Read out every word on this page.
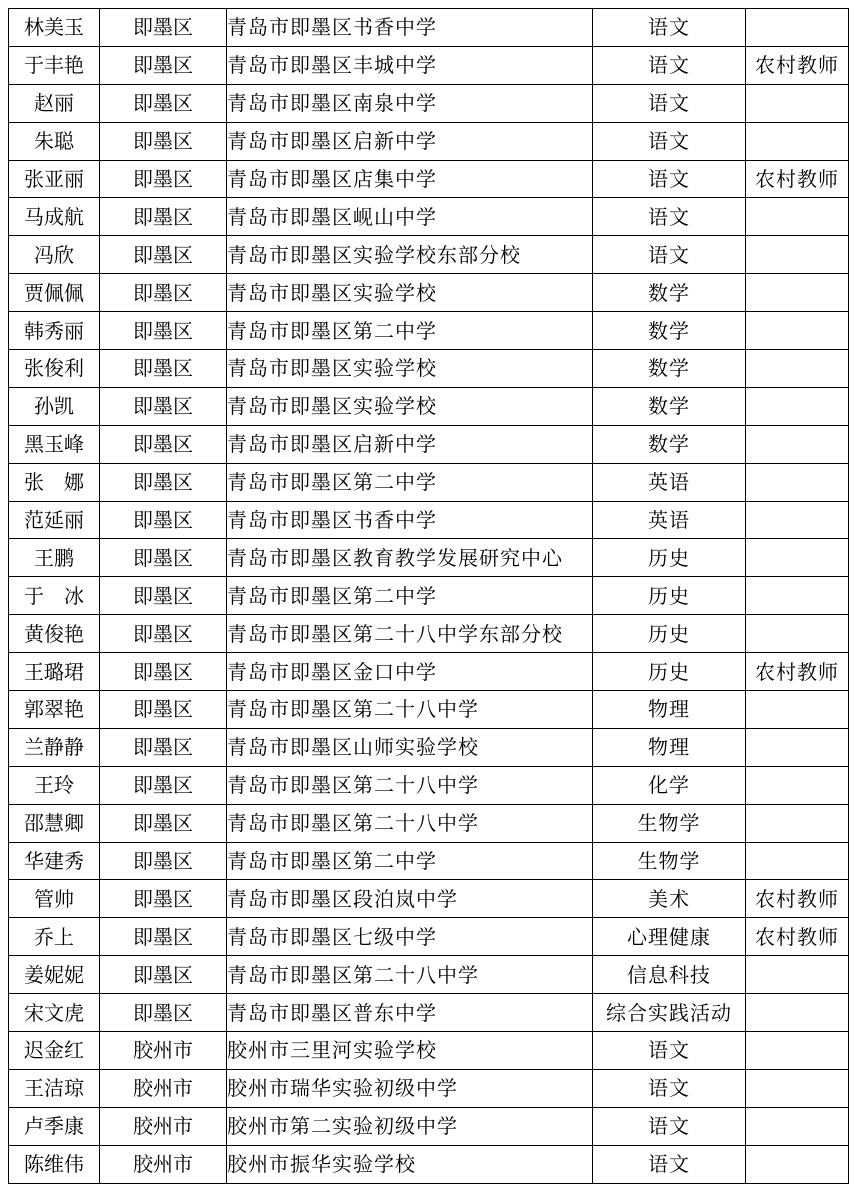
林美玉	即墨区	青岛市即墨区书香中学	语文	
于丰艳	即墨区	青岛市即墨区丰城中学	语文	农村教师
赵丽	即墨区	青岛市即墨区南泉中学	语文	
朱聪	即墨区	青岛市即墨区启新中学	语文	
张亚丽	即墨区	青岛市即墨区店集中学	语文	农村教师
马成航	即墨区	青岛市即墨区岘山中学	语文	
冯欣	即墨区	青岛市即墨区实验学校东部分校	语文	
贾佩佩	即墨区	青岛市即墨区实验学校	数学	
韩秀丽	即墨区	青岛市即墨区第二中学	数学	
张俊利	即墨区	青岛市即墨区实验学校	数学	
孙凯	即墨区	青岛市即墨区实验学校	数学	
黑玉峰	即墨区	青岛市即墨区启新中学	数学	
张　娜	即墨区	青岛市即墨区第二中学	英语	
范延丽	即墨区	青岛市即墨区书香中学	英语	
王鹏	即墨区	青岛市即墨区教育教学发展研究中心	历史	
于　冰	即墨区	青岛市即墨区第二中学	历史	
黄俊艳	即墨区	青岛市即墨区第二十八中学东部分校	历史	
王璐珺	即墨区	青岛市即墨区金口中学	历史	农村教师
郭翠艳	即墨区	青岛市即墨区第二十八中学	物理	
兰静静	即墨区	青岛市即墨区山师实验学校	物理	
王玲	即墨区	青岛市即墨区第二十八中学	化学	
邵慧卿	即墨区	青岛市即墨区第二十八中学	生物学	
华建秀	即墨区	青岛市即墨区第二中学	生物学	
管帅	即墨区	青岛市即墨区段泊岚中学	美术	农村教师
乔上	即墨区	青岛市即墨区七级中学	心理健康	农村教师
姜妮妮	即墨区	青岛市即墨区第二十八中学	信息科技	
宋文虎	即墨区	青岛市即墨区普东中学	综合实践活动	
迟金红	胶州市	胶州市三里河实验学校	语文	
王洁琼	胶州市	胶州市瑞华实验初级中学	语文	
卢季康	胶州市	胶州市第二实验初级中学	语文	
陈维伟	胶州市	胶州市振华实验学校	语文	
